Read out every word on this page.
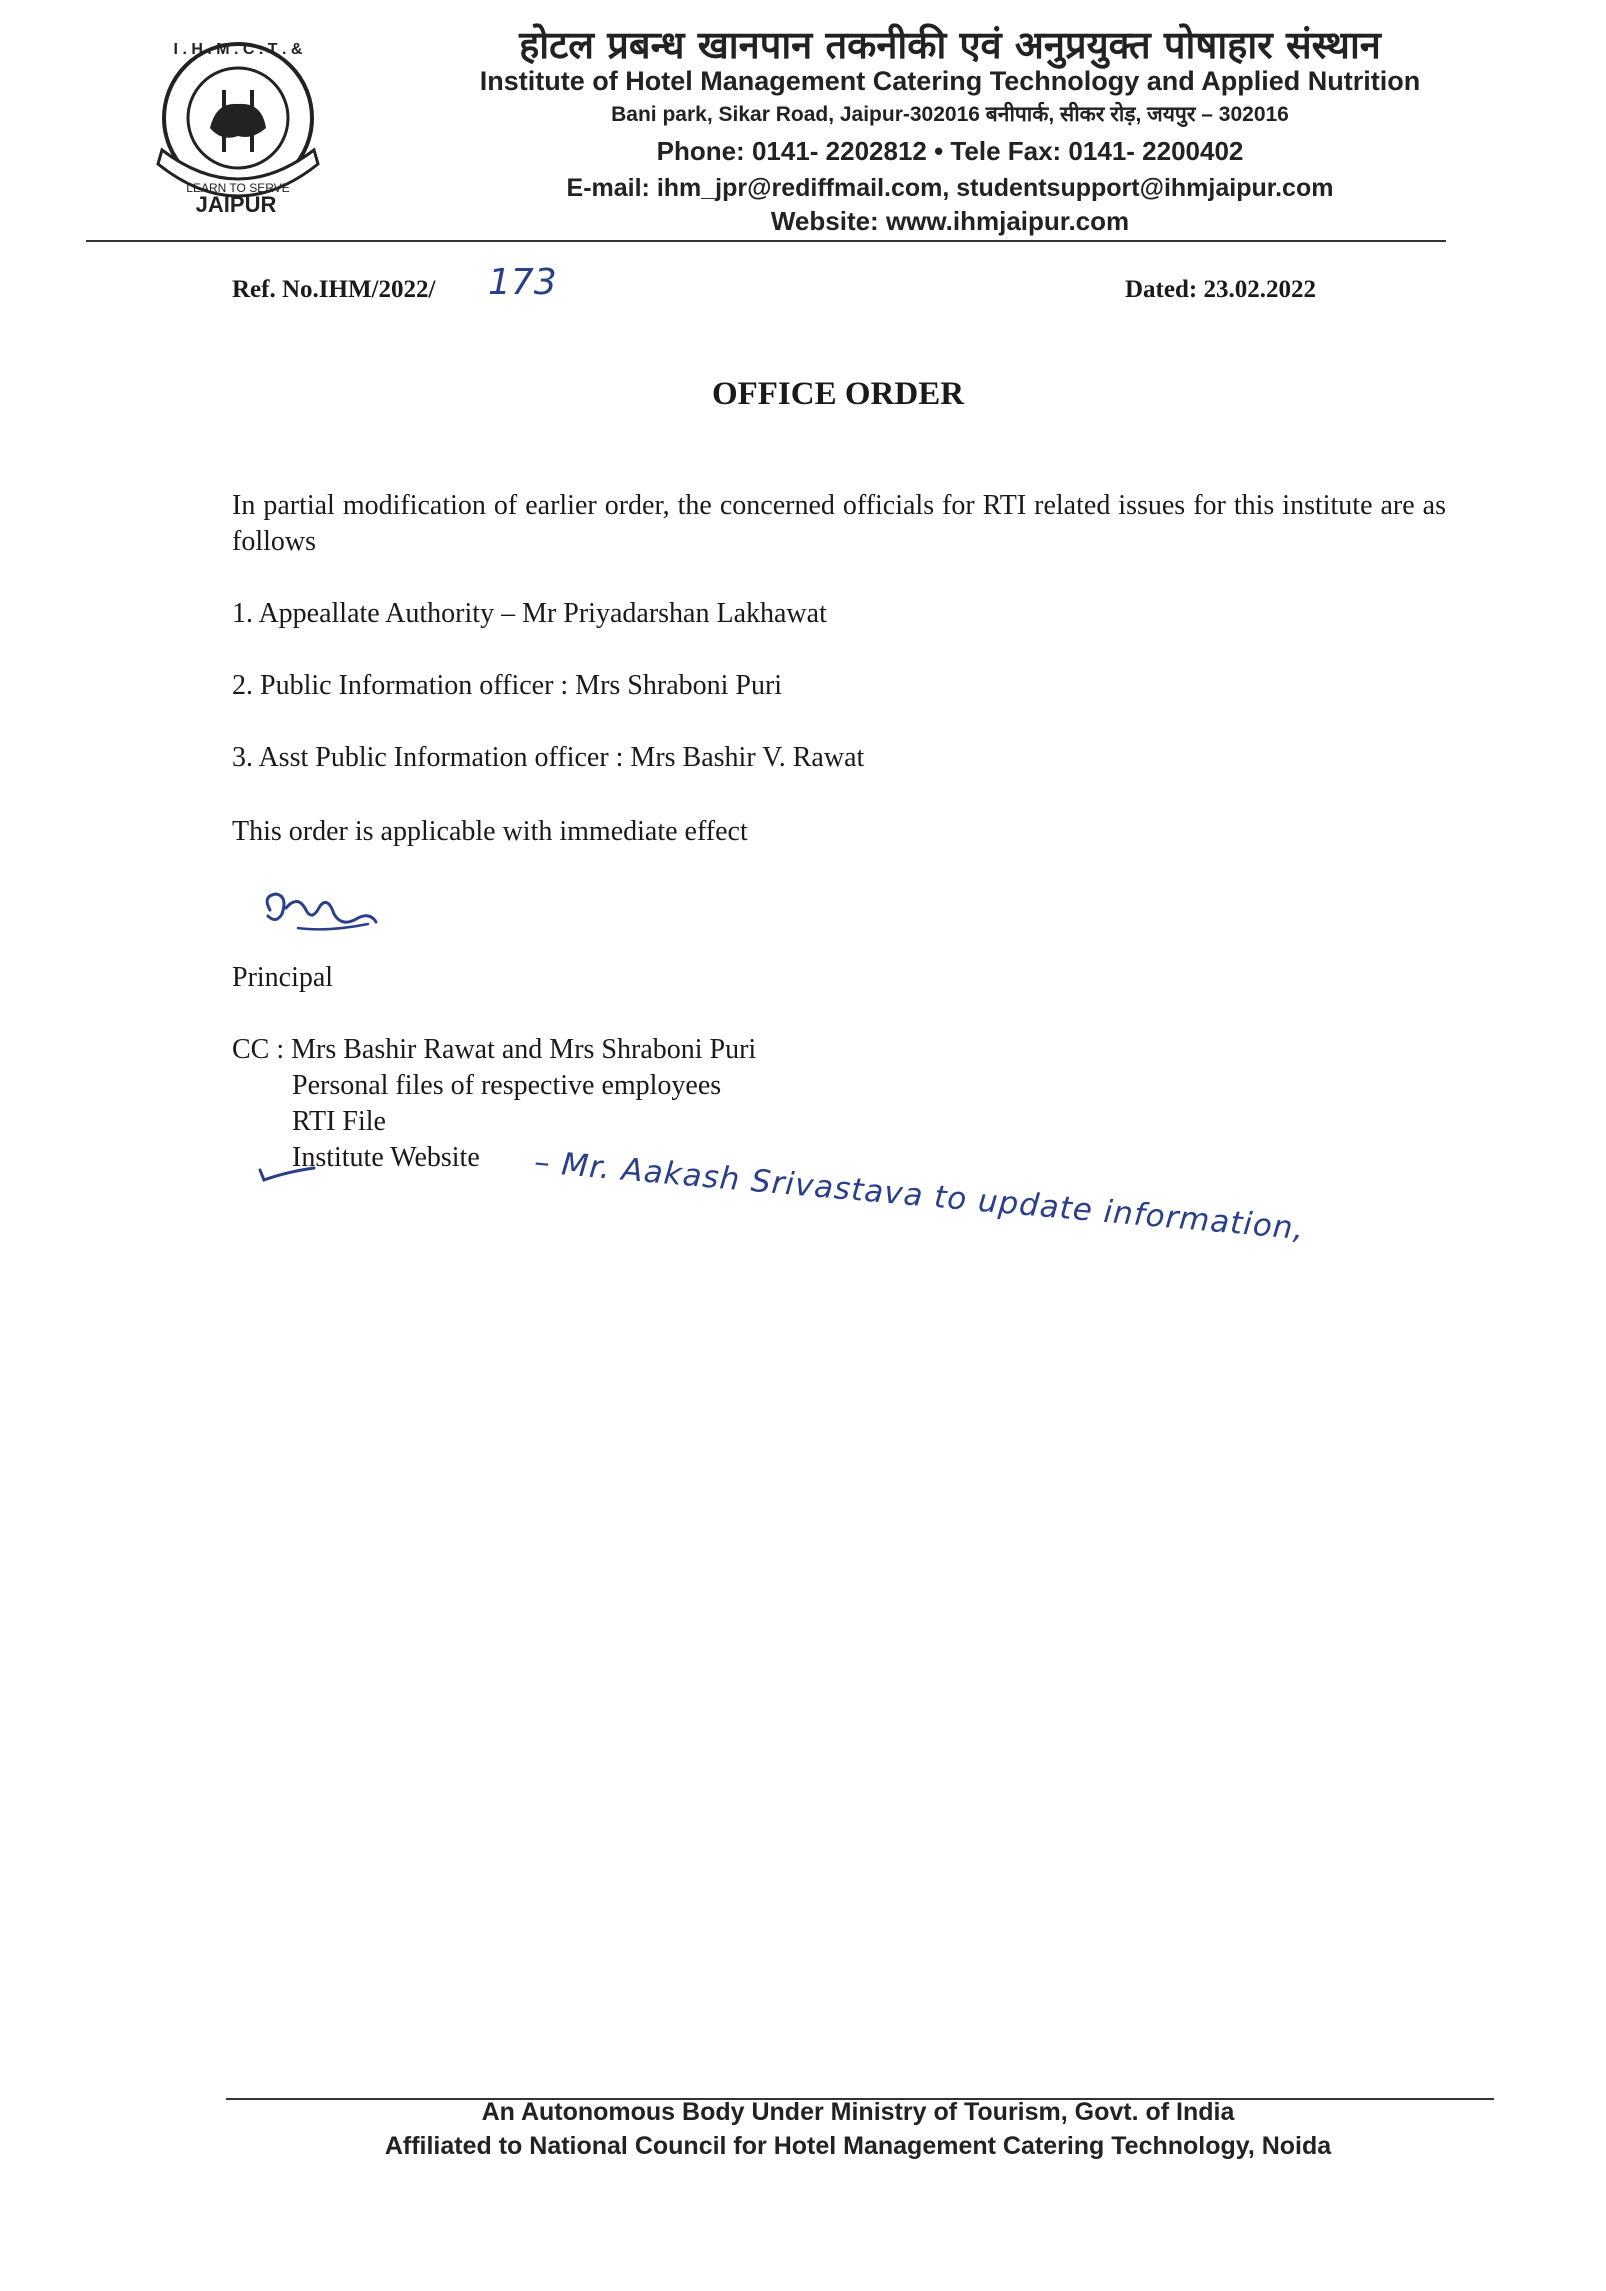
I . H . M . C . T . &
LEARN TO SERVE
JAIPUR
होटल प्रबन्ध खानपान तकनीकी एवं अनुप्रयुक्त पोषाहार संस्थान
Institute of Hotel Management Catering Technology and Applied Nutrition
Bani park, Sikar Road, Jaipur-302016 बनीपार्क, सीकर रोड़, जयपुर – 302016
Phone: 0141- 2202812 • Tele Fax: 0141- 2200402
E-mail: ihm_jpr@rediffmail.com, studentsupport@ihmjaipur.com
Website: www.ihmjaipur.com
Ref. No.IHM/2022/ 173	Dated: 23.02.2022
OFFICE ORDER
In partial modification of earlier order, the concerned officials for RTI related issues for this institute are as follows
1. Appeallate Authority – Mr Priyadarshan Lakhawat
2. Public Information officer : Mrs Shraboni Puri
3. Asst Public Information officer : Mrs Bashir V. Rawat
This order is applicable with immediate effect
Principal
CC : Mrs Bashir Rawat and Mrs Shraboni Puri
Personal files of respective employees
RTI File
Institute Website – Mr. Aakash Srivastava to update information,
An Autonomous Body Under Ministry of Tourism, Govt. of India
Affiliated to National Council for Hotel Management Catering Technology, Noida
